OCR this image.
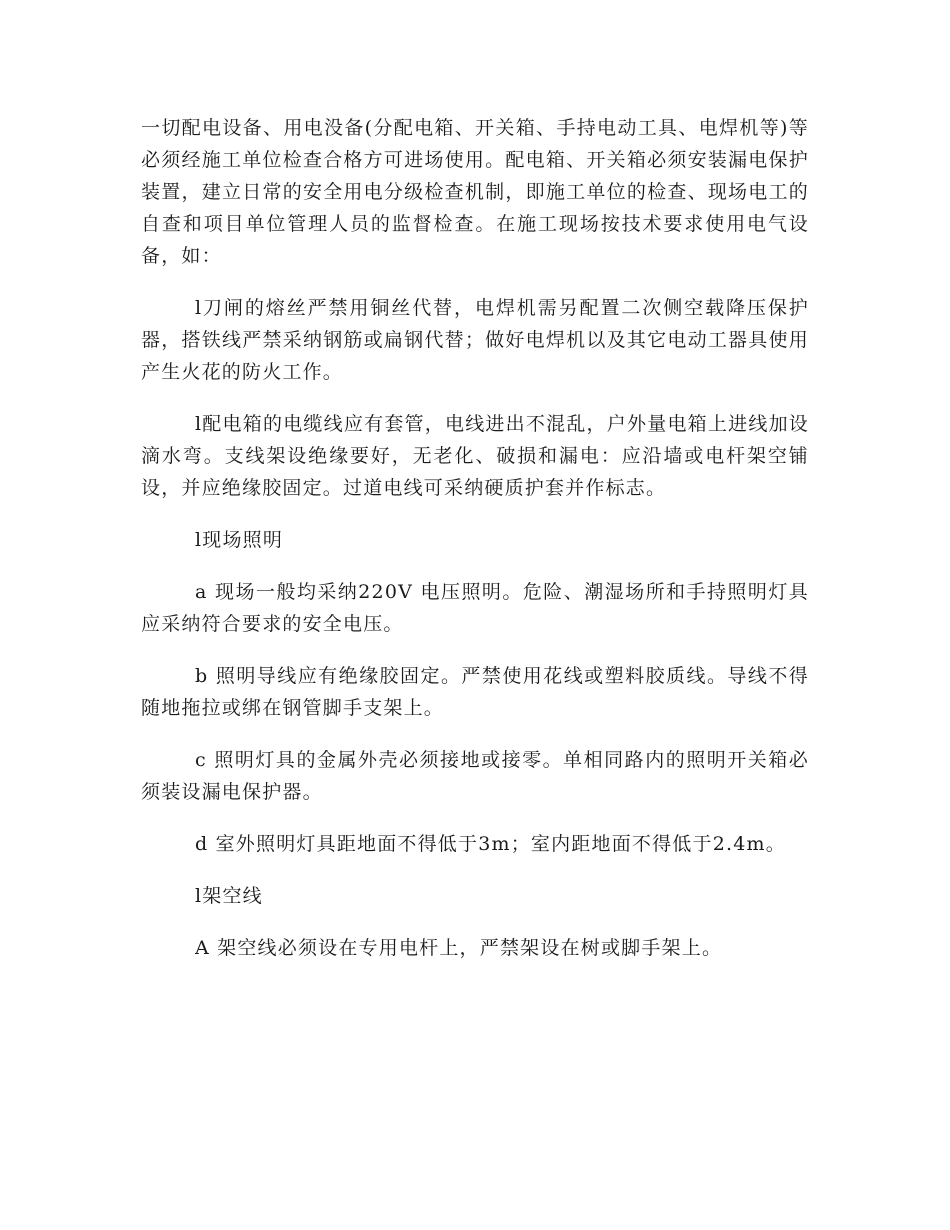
一切配电设备、用电没备(分配电箱、开关箱、手持电动工具、电焊机等)等必须经施工单位检查合格方可进场使用。配电箱、开关箱必须安装漏电保护装置，建立日常的安全用电分级检查机制，即施工单位的检查、现场电工的自查和项目单位管理人员的监督检查。在施工现场按技术要求使用电气设备，如：

l刀闸的熔丝严禁用铜丝代替，电焊机需另配置二次侧空载降压保护器，搭铁线严禁采纳钢筋或扁钢代替；做好电焊机以及其它电动工器具使用产生火花的防火工作。

l配电箱的电缆线应有套管，电线进出不混乱，户外量电箱上进线加设滴水弯。支线架设绝缘要好，无老化、破损和漏电：应沿墙或电杆架空铺设，并应绝缘胶固定。过道电线可采纳硬质护套并作标志。

l现场照明

a 现场一般均采纳220V 电压照明。危险、潮湿场所和手持照明灯具应采纳符合要求的安全电压。

b 照明导线应有绝缘胶固定。严禁使用花线或塑料胶质线。导线不得随地拖拉或绑在钢管脚手支架上。

c 照明灯具的金属外壳必须接地或接零。单相同路内的照明开关箱必须装设漏电保护器。

d 室外照明灯具距地面不得低于3m；室内距地面不得低于2.4m。

l架空线

A 架空线必须设在专用电杆上，严禁架设在树或脚手架上。
